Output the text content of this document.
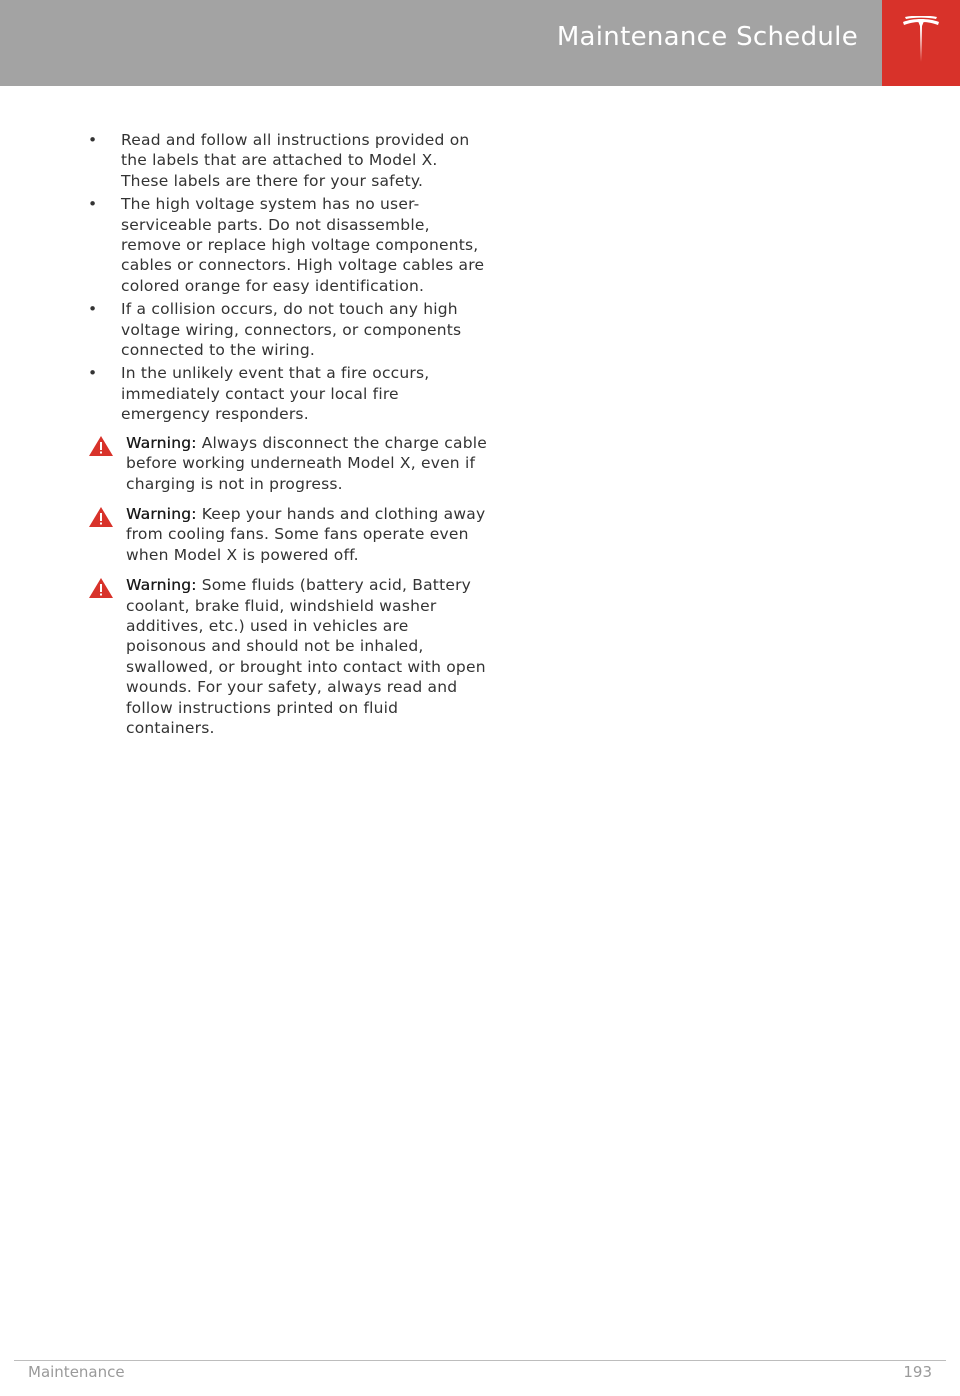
Maintenance Schedule
• Read and follow all instructions provided on the labels that are attached to Model X. These labels are there for your safety.
• The high voltage system has no user-serviceable parts. Do not disassemble, remove or replace high voltage components, cables or connectors. High voltage cables are colored orange for easy identification.
• If a collision occurs, do not touch any high voltage wiring, connectors, or components connected to the wiring.
• In the unlikely event that a fire occurs, immediately contact your local fire emergency responders.
Warning: Always disconnect the charge cable before working underneath Model X, even if charging is not in progress.
Warning: Keep your hands and clothing away from cooling fans. Some fans operate even when Model X is powered off.
Warning: Some fluids (battery acid, Battery coolant, brake fluid, windshield washer additives, etc.) used in vehicles are poisonous and should not be inhaled, swallowed, or brought into contact with open wounds. For your safety, always read and follow instructions printed on fluid containers.
Maintenance	193
